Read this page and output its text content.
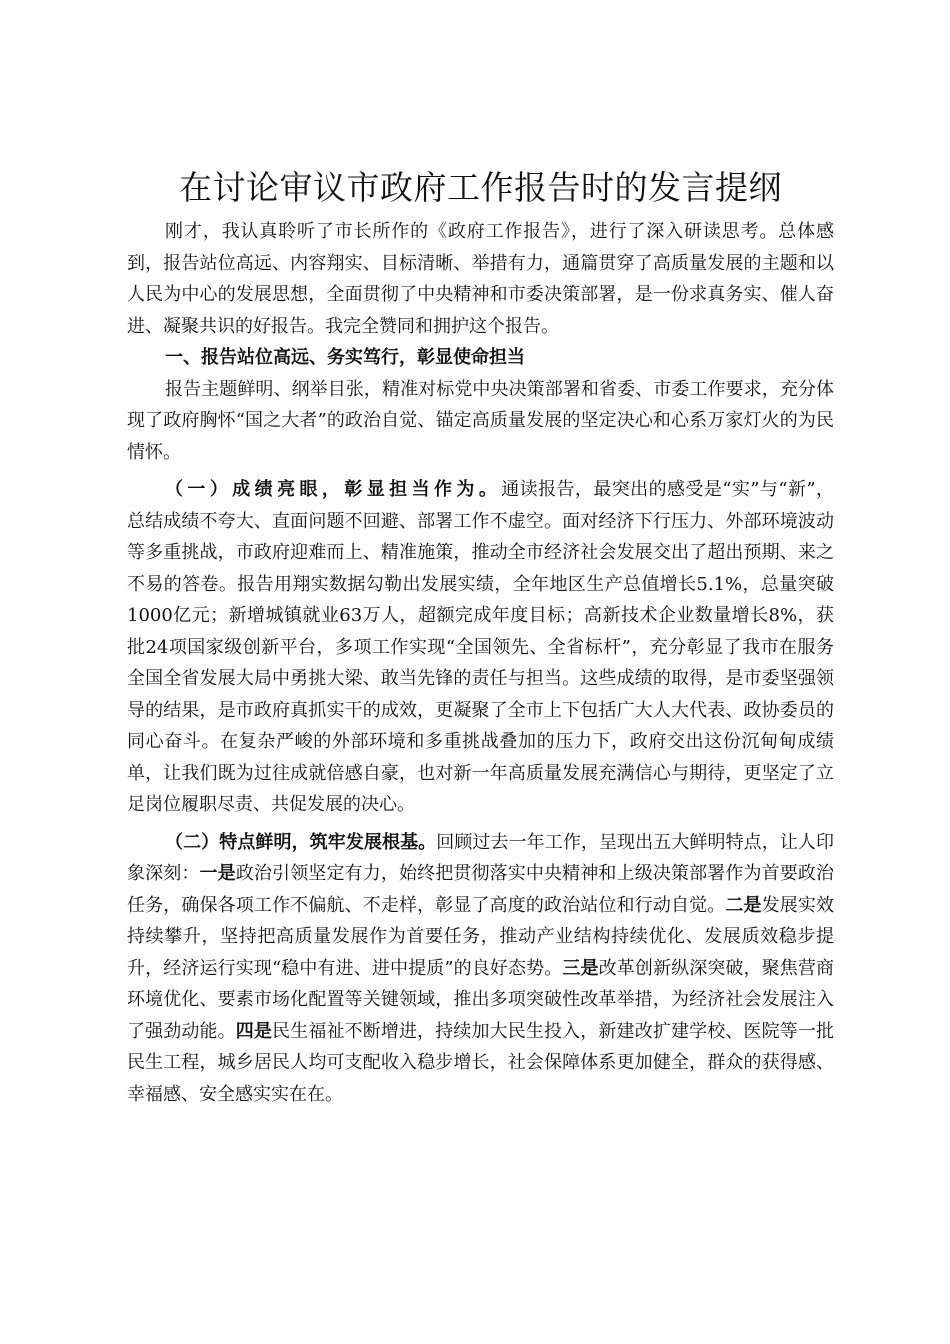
在讨论审议市政府工作报告时的发言提纲

刚才，我认真聆听了市长所作的《政府工作报告》，进行了深入研读思考。总体感到，报告站位高远、内容翔实、目标清晰、举措有力，通篇贯穿了高质量发展的主题和以人民为中心的发展思想，全面贯彻了中央精神和市委决策部署，是一份求真务实、催人奋进、凝聚共识的好报告。我完全赞同和拥护这个报告。

一、报告站位高远、务实笃行，彰显使命担当

报告主题鲜明、纲举目张，精准对标党中央决策部署和省委、市委工作要求，充分体现了政府胸怀“国之大者”的政治自觉、锚定高质量发展的坚定决心和心系万家灯火的为民情怀。

（一）成绩亮眼，彰显担当作为。通读报告，最突出的感受是“实”与“新”，总结成绩不夸大、直面问题不回避、部署工作不虚空。面对经济下行压力、外部环境波动等多重挑战，市政府迎难而上、精准施策，推动全市经济社会发展交出了超出预期、来之不易的答卷。报告用翔实数据勾勒出发展实绩，全年地区生产总值增长5.1%，总量突破1000亿元；新增城镇就业63万人，超额完成年度目标；高新技术企业数量增长8%，获批24项国家级创新平台，多项工作实现“全国领先、全省标杆”，充分彰显了我市在服务全国全省发展大局中勇挑大梁、敢当先锋的责任与担当。这些成绩的取得，是市委坚强领导的结果，是市政府真抓实干的成效，更凝聚了全市上下包括广大人大代表、政协委员的同心奋斗。在复杂严峻的外部环境和多重挑战叠加的压力下，政府交出这份沉甸甸成绩单，让我们既为过往成就倍感自豪，也对新一年高质量发展充满信心与期待，更坚定了立足岗位履职尽责、共促发展的决心。

（二）特点鲜明，筑牢发展根基。回顾过去一年工作，呈现出五大鲜明特点，让人印象深刻：一是政治引领坚定有力，始终把贯彻落实中央精神和上级决策部署作为首要政治任务，确保各项工作不偏航、不走样，彰显了高度的政治站位和行动自觉。二是发展实效持续攀升，坚持把高质量发展作为首要任务，推动产业结构持续优化、发展质效稳步提升，经济运行实现“稳中有进、进中提质”的良好态势。三是改革创新纵深突破，聚焦营商环境优化、要素市场化配置等关键领域，推出多项突破性改革举措，为经济社会发展注入了强劲动能。四是民生福祉不断增进，持续加大民生投入，新建改扩建学校、医院等一批民生工程，城乡居民人均可支配收入稳步增长，社会保障体系更加健全，群众的获得感、幸福感、安全感实实在在。
